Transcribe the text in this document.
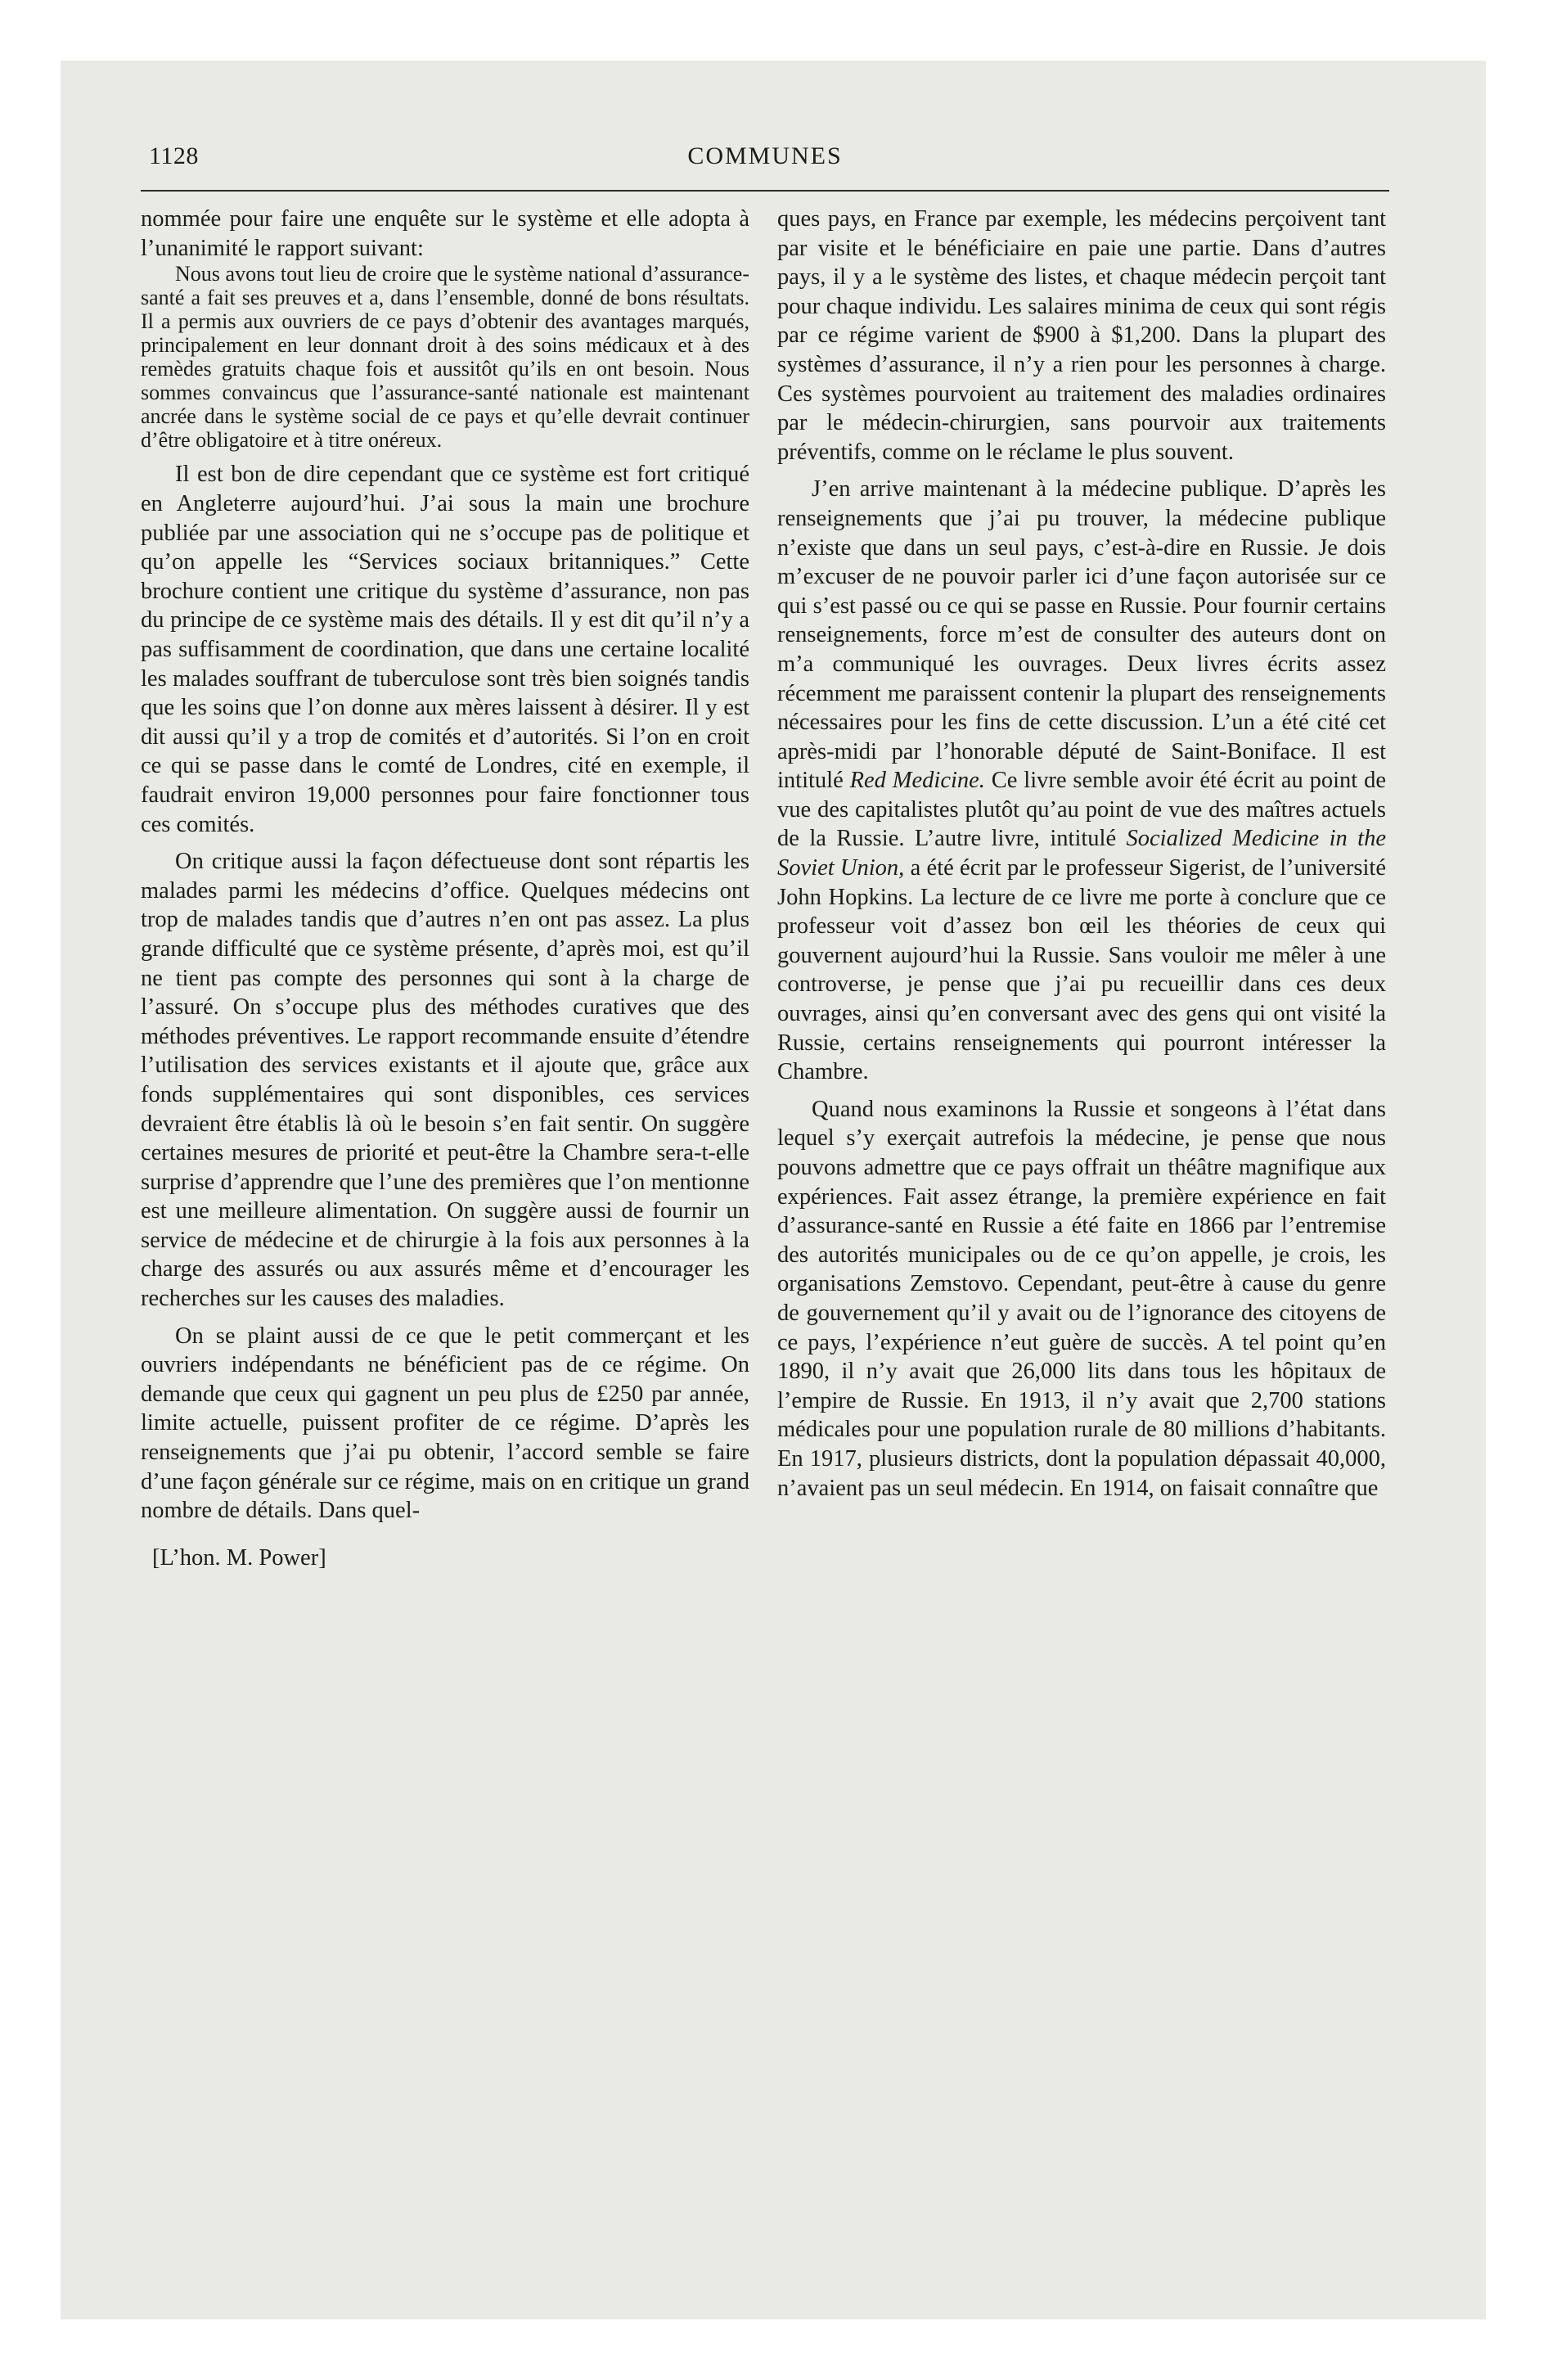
1128	COMMUNES

nommée pour faire une enquête sur le système et elle adopta à l’unanimité le rapport suivant:

Nous avons tout lieu de croire que le système national d’assurance-santé a fait ses preuves et a, dans l’ensemble, donné de bons résultats. Il a permis aux ouvriers de ce pays d’obtenir des avantages marqués, principalement en leur donnant droit à des soins médicaux et à des remèdes gratuits chaque fois et aussitôt qu’ils en ont besoin. Nous sommes convaincus que l’assurance-santé nationale est maintenant ancrée dans le système social de ce pays et qu’elle devrait continuer d’être obligatoire et à titre onéreux.

Il est bon de dire cependant que ce système est fort critiqué en Angleterre aujourd’hui. J’ai sous la main une brochure publiée par une association qui ne s’occupe pas de politique et qu’on appelle les “Services sociaux britanniques.” Cette brochure contient une critique du système d’assurance, non pas du principe de ce système mais des détails. Il y est dit qu’il n’y a pas suffisamment de coordination, que dans une certaine localité les malades souffrant de tuberculose sont très bien soignés tandis que les soins que l’on donne aux mères laissent à désirer. Il y est dit aussi qu’il y a trop de comités et d’autorités. Si l’on en croit ce qui se passe dans le comté de Londres, cité en exemple, il faudrait environ 19,000 personnes pour faire fonctionner tous ces comités.

On critique aussi la façon défectueuse dont sont répartis les malades parmi les médecins d’office. Quelques médecins ont trop de malades tandis que d’autres n’en ont pas assez. La plus grande difficulté que ce système présente, d’après moi, est qu’il ne tient pas compte des personnes qui sont à la charge de l’assuré. On s’occupe plus des méthodes curatives que des méthodes préventives. Le rapport recommande ensuite d’étendre l’utilisation des services existants et il ajoute que, grâce aux fonds supplémentaires qui sont disponibles, ces services devraient être établis là où le besoin s’en fait sentir. On suggère certaines mesures de priorité et peut-être la Chambre sera-t-elle surprise d’apprendre que l’une des premières que l’on mentionne est une meilleure alimentation. On suggère aussi de fournir un service de médecine et de chirurgie à la fois aux personnes à la charge des assurés ou aux assurés même et d’encourager les recherches sur les causes des maladies.

On se plaint aussi de ce que le petit commerçant et les ouvriers indépendants ne bénéficient pas de ce régime. On demande que ceux qui gagnent un peu plus de £250 par année, limite actuelle, puissent profiter de ce régime. D’après les renseignements que j’ai pu obtenir, l’accord semble se faire d’une façon générale sur ce régime, mais on en critique un grand nombre de détails. Dans quel-

[L’hon. M. Power]

ques pays, en France par exemple, les médecins perçoivent tant par visite et le bénéficiaire en paie une partie. Dans d’autres pays, il y a le système des listes, et chaque médecin perçoit tant pour chaque individu. Les salaires minima de ceux qui sont régis par ce régime varient de $900 à $1,200. Dans la plupart des systèmes d’assurance, il n’y a rien pour les personnes à charge. Ces systèmes pourvoient au traitement des maladies ordinaires par le médecin-chirurgien, sans pourvoir aux traitements préventifs, comme on le réclame le plus souvent.

J’en arrive maintenant à la médecine publique. D’après les renseignements que j’ai pu trouver, la médecine publique n’existe que dans un seul pays, c’est-à-dire en Russie. Je dois m’excuser de ne pouvoir parler ici d’une façon autorisée sur ce qui s’est passé ou ce qui se passe en Russie. Pour fournir certains renseignements, force m’est de consulter des auteurs dont on m’a communiqué les ouvrages. Deux livres écrits assez récemment me paraissent contenir la plupart des renseignements nécessaires pour les fins de cette discussion. L’un a été cité cet après-midi par l’honorable député de Saint-Boniface. Il est intitulé Red Medicine. Ce livre semble avoir été écrit au point de vue des capitalistes plutôt qu’au point de vue des maîtres actuels de la Russie. L’autre livre, intitulé Socialized Medicine in the Soviet Union, a été écrit par le professeur Sigerist, de l’université John Hopkins. La lecture de ce livre me porte à conclure que ce professeur voit d’assez bon œil les théories de ceux qui gouvernent aujourd’hui la Russie. Sans vouloir me mêler à une controverse, je pense que j’ai pu recueillir dans ces deux ouvrages, ainsi qu’en conversant avec des gens qui ont visité la Russie, certains renseignements qui pourront intéresser la Chambre.

Quand nous examinons la Russie et songeons à l’état dans lequel s’y exerçait autrefois la médecine, je pense que nous pouvons admettre que ce pays offrait un théâtre magnifique aux expériences. Fait assez étrange, la première expérience en fait d’assurance-santé en Russie a été faite en 1866 par l’entremise des autorités municipales ou de ce qu’on appelle, je crois, les organisations Zemstovo. Cependant, peut-être à cause du genre de gouvernement qu’il y avait ou de l’ignorance des citoyens de ce pays, l’expérience n’eut guère de succès. A tel point qu’en 1890, il n’y avait que 26,000 lits dans tous les hôpitaux de l’empire de Russie. En 1913, il n’y avait que 2,700 stations médicales pour une population rurale de 80 millions d’habitants. En 1917, plusieurs districts, dont la population dépassait 40,000, n’avaient pas un seul médecin. En 1914, on faisait connaître que
